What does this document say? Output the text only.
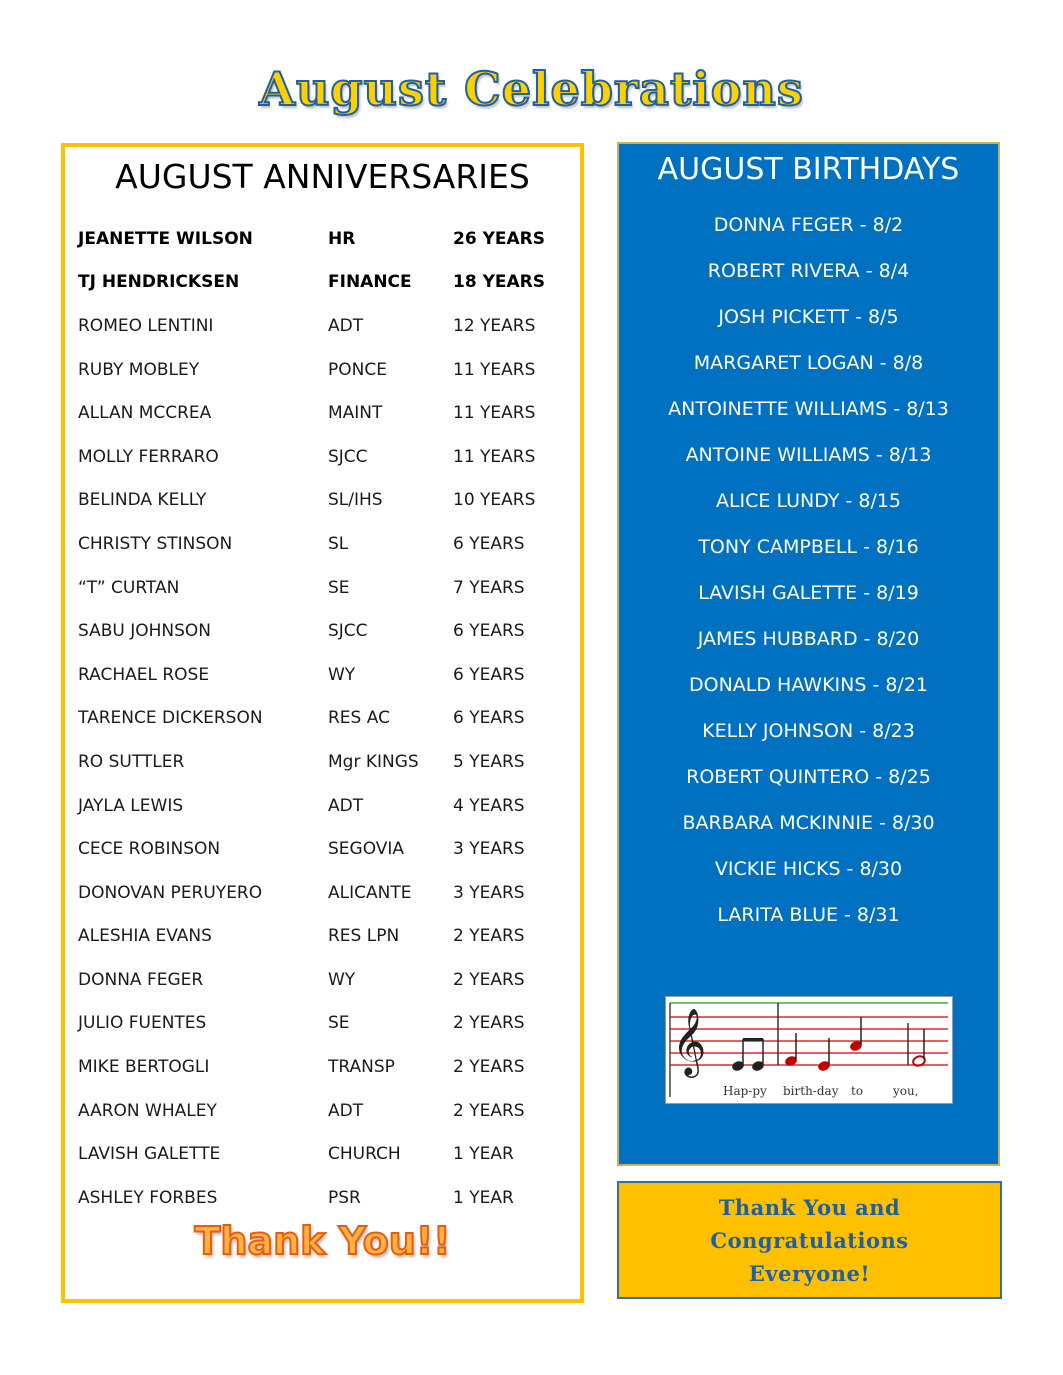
August Celebrations
AUGUST ANNIVERSARIES
JEANETTE WILSON	HR	26 YEARS
TJ HENDRICKSEN	FINANCE	18 YEARS
ROMEO LENTINI	ADT	12 YEARS
RUBY MOBLEY	PONCE	11 YEARS
ALLAN MCCREA	MAINT	11 YEARS
MOLLY FERRARO	SJCC	11 YEARS
BELINDA KELLY	SL/IHS	10 YEARS
CHRISTY STINSON	SL	6 YEARS
“T” CURTAN	SE	7 YEARS
SABU JOHNSON	SJCC	6 YEARS
RACHAEL ROSE	WY	6 YEARS
TARENCE DICKERSON	RES AC	6 YEARS
RO SUTTLER	Mgr KINGS	5 YEARS
JAYLA LEWIS	ADT	4 YEARS
CECE ROBINSON	SEGOVIA	3 YEARS
DONOVAN PERUYERO	ALICANTE	3 YEARS
ALESHIA EVANS	RES LPN	2 YEARS
DONNA FEGER	WY	2 YEARS
JULIO FUENTES	SE	2 YEARS
MIKE BERTOGLI	TRANSP	2 YEARS
AARON WHALEY	ADT	2 YEARS
LAVISH GALETTE	CHURCH	1 YEAR
ASHLEY FORBES	PSR	1 YEAR
Thank You!!
AUGUST BIRTHDAYS
DONNA FEGER - 8/2
ROBERT RIVERA - 8/4
JOSH PICKETT - 8/5
MARGARET LOGAN - 8/8
ANTOINETTE WILLIAMS - 8/13
ANTOINE WILLIAMS - 8/13
ALICE LUNDY - 8/15
TONY CAMPBELL - 8/16
LAVISH GALETTE - 8/19
JAMES HUBBARD - 8/20
DONALD HAWKINS - 8/21
KELLY JOHNSON - 8/23
ROBERT QUINTERO - 8/25
BARBARA MCKINNIE - 8/30
VICKIE HICKS - 8/30
LARITA BLUE - 8/31
𝄞
Hap-py birth-day to you,
Thank You and
Congratulations
Everyone!
